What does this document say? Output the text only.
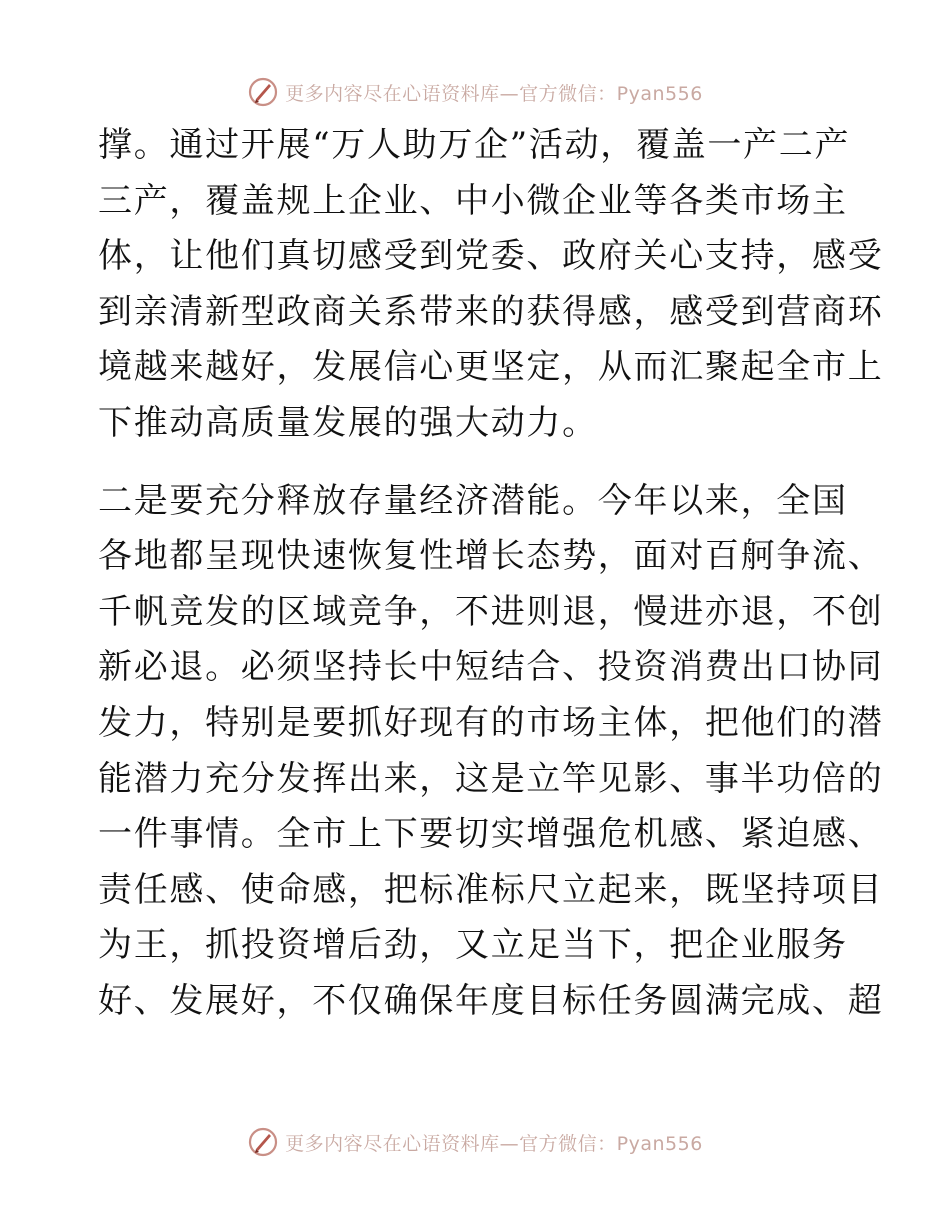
更多内容尽在心语资料库—官方微信：Pyan556
撑。通过开展“万人助万企”活动，覆盖一产二产
三产，覆盖规上企业、中小微企业等各类市场主
体，让他们真切感受到党委、政府关心支持，感受
到亲清新型政商关系带来的获得感，感受到营商环
境越来越好，发展信心更坚定，从而汇聚起全市上
下推动高质量发展的强大动力。
二是要充分释放存量经济潜能。今年以来，全国
各地都呈现快速恢复性增长态势，面对百舸争流、
千帆竞发的区域竞争，不进则退，慢进亦退，不创
新必退。必须坚持长中短结合、投资消费出口协同
发力，特别是要抓好现有的市场主体，把他们的潜
能潜力充分发挥出来，这是立竿见影、事半功倍的
一件事情。全市上下要切实增强危机感、紧迫感、
责任感、使命感，把标准标尺立起来，既坚持项目
为王，抓投资增后劲，又立足当下，把企业服务
好、发展好，不仅确保年度目标任务圆满完成、超
更多内容尽在心语资料库—官方微信：Pyan556
